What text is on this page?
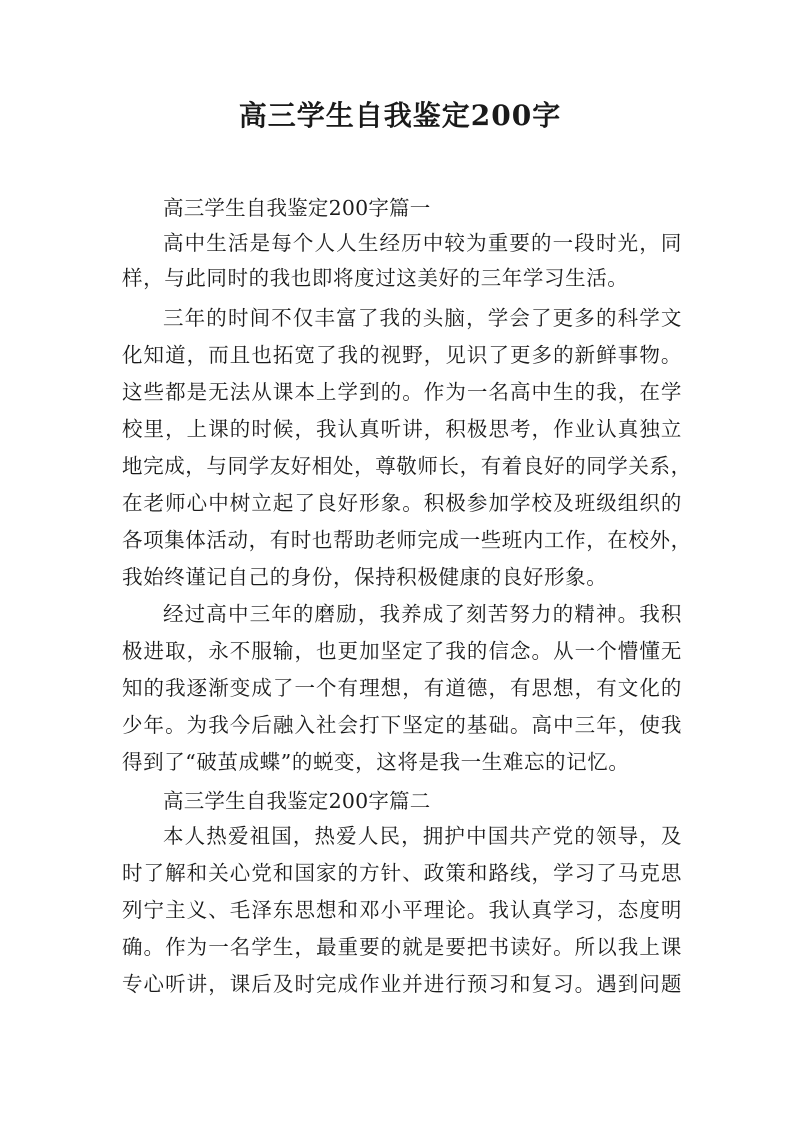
高三学生自我鉴定200字
高三学生自我鉴定200字篇一
高中生活是每个人人生经历中较为重要的一段时光，同
样，与此同时的我也即将度过这美好的三年学习生活。
三年的时间不仅丰富了我的头脑，学会了更多的科学文
化知道，而且也拓宽了我的视野，见识了更多的新鲜事物。
这些都是无法从课本上学到的。作为一名高中生的我，在学
校里，上课的时候，我认真听讲，积极思考，作业认真独立
地完成，与同学友好相处，尊敬师长，有着良好的同学关系，
在老师心中树立起了良好形象。积极参加学校及班级组织的
各项集体活动，有时也帮助老师完成一些班内工作，在校外，
我始终谨记自己的身份，保持积极健康的良好形象。
经过高中三年的磨励，我养成了刻苦努力的精神。我积
极进取，永不服输，也更加坚定了我的信念。从一个懵懂无
知的我逐渐变成了一个有理想，有道德，有思想，有文化的
少年。为我今后融入社会打下坚定的基础。高中三年，使我
得到了“破茧成蝶”的蜕变，这将是我一生难忘的记忆。
高三学生自我鉴定200字篇二
本人热爱祖国，热爱人民，拥护中国共产党的领导，及
时了解和关心党和国家的方针、政策和路线，学习了马克思
列宁主义、毛泽东思想和邓小平理论。我认真学习，态度明
确。作为一名学生，最重要的就是要把书读好。所以我上课
专心听讲，课后及时完成作业并进行预习和复习。遇到问题
